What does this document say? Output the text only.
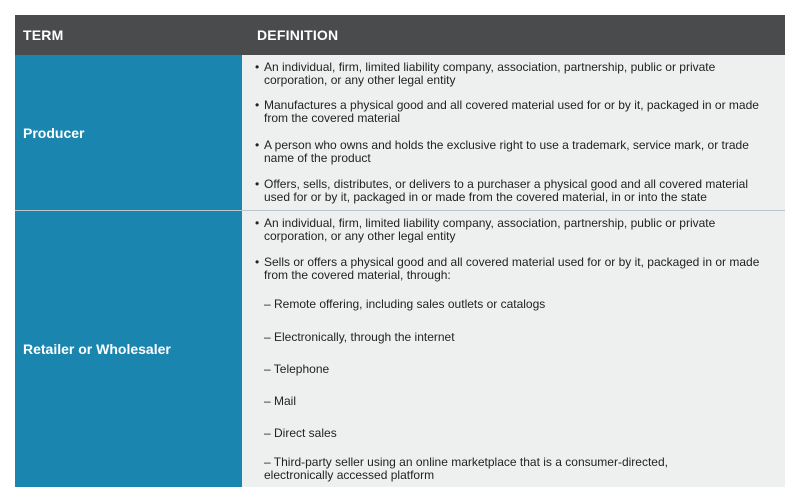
TERM	DEFINITION
Producer
• An individual, firm, limited liability company, association, partnership, public or private corporation, or any other legal entity
• Manufactures a physical good and all covered material used for or by it, packaged in or made from the covered material
• A person who owns and holds the exclusive right to use a trademark, service mark, or trade name of the product
• Offers, sells, distributes, or delivers to a purchaser a physical good and all covered material used for or by it, packaged in or made from the covered material, in or into the state
Retailer or Wholesaler
• An individual, firm, limited liability company, association, partnership, public or private corporation, or any other legal entity
• Sells or offers a physical good and all covered material used for or by it, packaged in or made from the covered material, through:
– Remote offering, including sales outlets or catalogs
– Electronically, through the internet
– Telephone
– Mail
– Direct sales
– Third-party seller using an online marketplace that is a consumer-directed, electronically accessed platform
